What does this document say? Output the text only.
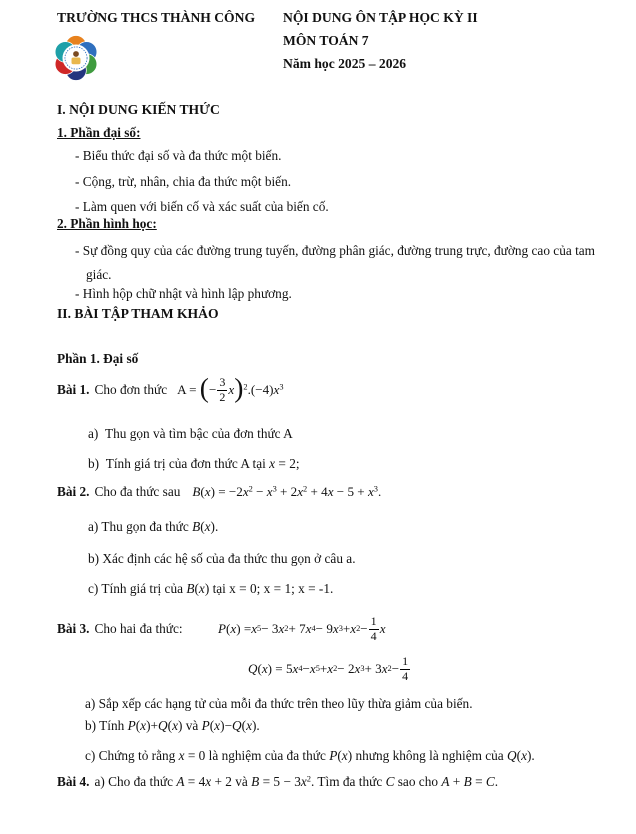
TRƯỜNG THCS THÀNH CÔNG NỘI DUNG ÔN TẬP HỌC KỲ II
MÔN TOÁN 7
Năm học 2025 – 2026
I. NỘI DUNG KIẾN THỨC
1. Phần đại số:
- Biểu thức đại số và đa thức một biến.
- Cộng, trừ, nhân, chia đa thức một biến.
- Làm quen với biến cố và xác suất của biến cố.
2. Phần hình học:
- Sự đồng quy của các đường trung tuyến, đường phân giác, đường trung trực, đường cao của tam giác.
- Hình hộp chữ nhật và hình lập phương.
II. BÀI TẬP THAM KHẢO
Phần 1. Đại số
Bài 1. Cho đơn thức A = (− $\frac{3}{2} x)^2.(-4)x^3$
a)  Thu gọn và tìm bậc của đơn thức A
b)  Tính giá trị của đơn thức A tại x = 2;
Bài 2. Cho đa thức sau $B(x) = -2x^2 - x^3 + 2x^2 + 4x - 5 + x^3$.
a) Thu gọn đa thức B(x).
b) Xác định các hệ số của đa thức thu gọn ở câu a.
c) Tính giá trị của B(x) tại x = 0; x = 1; x = -1.
Bài 3. Cho hai đa thức:	P ( x ) = x 5 − 3 x 2 + 7 x 4 − 9 x 3 + x $2 - \frac{1}{4}$ x
Q ( x ) = 5 x 4 − x 5 + x 2 − 2 x 3 + 3 x $2 - \frac{1}{4}$
a) Sắp xếp các hạng tử của mỗi đa thức trên theo lũy thừa giảm của biến.
b) Tính P(x)+Q(x) và P(x)−Q(x).
c) Chứng tỏ rằng x = 0 là nghiệm của đa thức P(x) nhưng không là nghiệm của Q(x).
Bài 4. a) Cho đa thức A = 4x + 2 và $B = 5 - 3x^2$. Tìm đa thức C sao cho A + B = C.
